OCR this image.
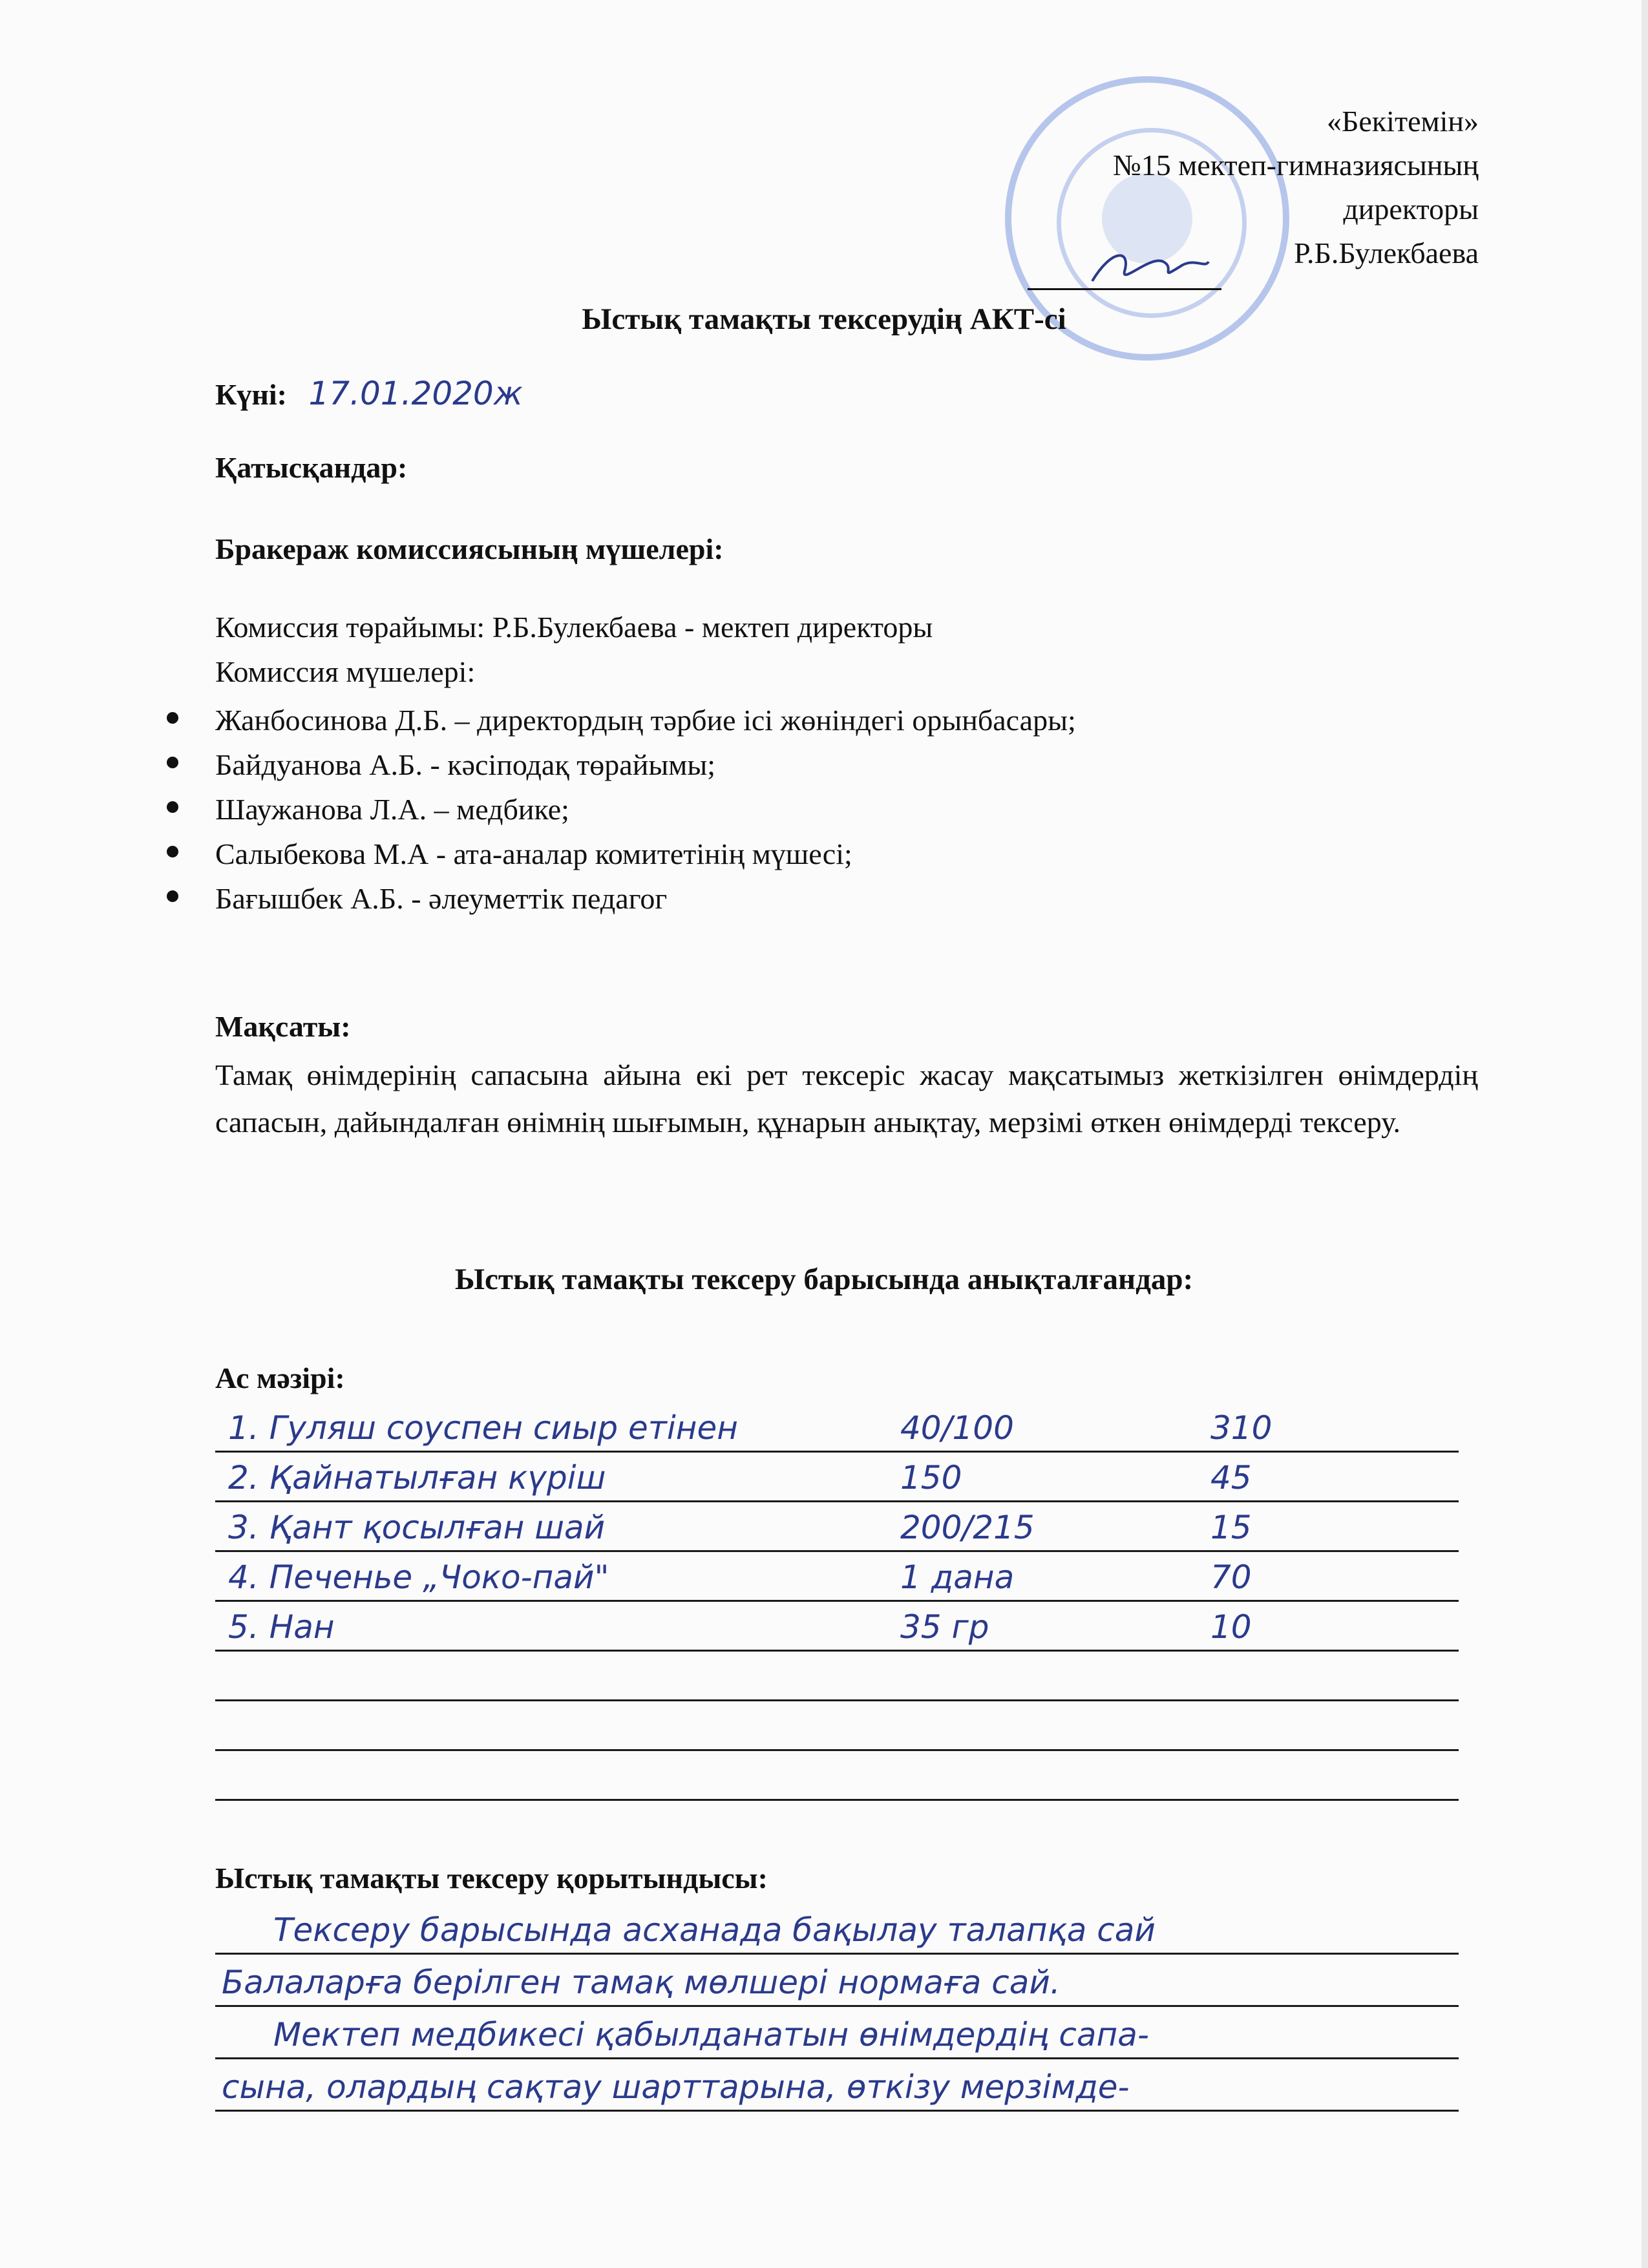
«Бекітемін»
№15 мектеп-гимназиясының
директоры
Р.Б.Булекбаева
Ыстық тамақты тексерудің АКТ-сі
Күні: 17.01.2020ж
Қатысқандар:
Бракераж комиссиясының мүшелері:
Комиссия төрайымы: Р.Б.Булекбаева - мектеп директоры
Комиссия мүшелері:
Жанбосинова Д.Б. – директордың тәрбие ісі жөніндегі орынбасары;
Байдуанова А.Б. - кәсіподақ төрайымы;
Шаужанова Л.А. – медбике;
Салыбекова М.А - ата-аналар комитетінің мүшесі;
Бағышбек А.Б. - әлеуметтік педагог
Мақсаты:
Тамақ өнімдерінің сапасына айына екі рет тексеріс жасау мақсатымыз жеткізілген өнімдердің сапасын, дайындалған өнімнің шығымын, құнарын анықтау, мерзімі өткен өнімдерді тексеру.
Ыстық тамақты тексеру барысында анықталғандар:
Ас мәзірі:
1. Гуляш соуспен сиыр етінен	40/100	310
2. Қайнатылған күріш	150	45
3. Қант қосылған шай	200/215	15
4. Печенье „Чоко-пай"	1 дана	70
5. Нан	35 гр	10
Ыстық тамақты тексеру қорытындысы:
Тексеру барысында асханада бақылау талапқа сай
Балаларға берілген тамақ мөлшері нормаға сай.
Мектеп медбикесі қабылданатын өнімдердің сапа-
сына, олардың сақтау шарттарына, өткізу мерзімде-
